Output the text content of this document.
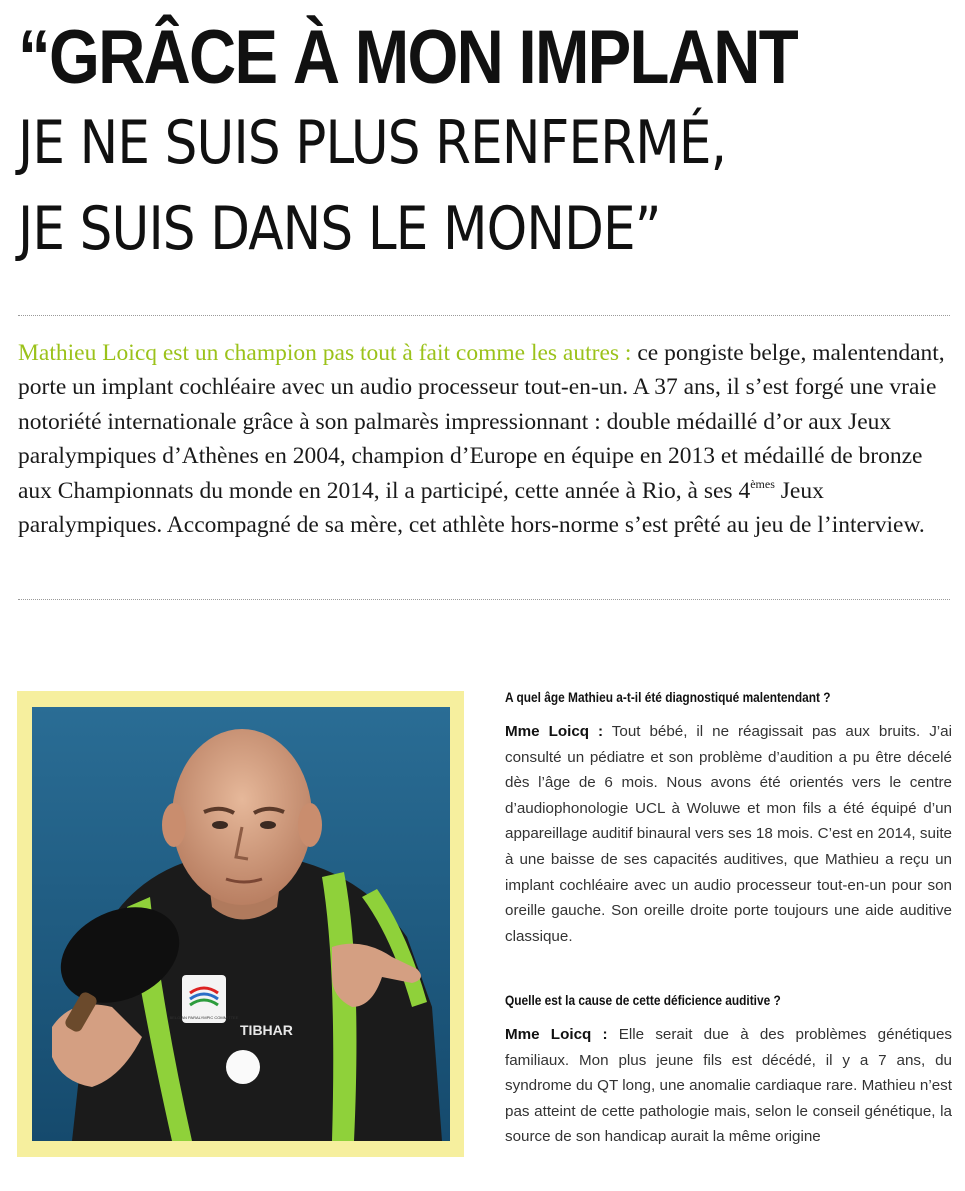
“GRÂCE À MON IMPLANT
JE NE SUIS PLUS RENFERMÉ,
JE SUIS DANS LE MONDE”

Mathieu Loicq est un champion pas tout à fait comme les autres : ce pongiste belge, malentendant, porte un implant cochléaire avec un audio processeur tout-en-un. A 37 ans, il s’est forgé une vraie notoriété internationale grâce à son palmarès impressionnant : double médaillé d’or aux Jeux paralympiques d’Athènes en 2004, champion d’Europe en équipe en 2013 et médaillé de bronze aux Championnats du monde en 2014, il a participé, cette année à Rio, à ses 4èmes Jeux paralympiques. Accompagné de sa mère, cet athlète hors-norme s’est prêté au jeu de l’interview.

BELGIAN PARALYMPIC COMMITTEE
TIBHAR

A quel âge Mathieu a-t-il été diagnostiqué malentendant ?

Mme Loicq : Tout bébé, il ne réagissait pas aux bruits. J’ai consulté un pédiatre et son problème d’audition a pu être décelé dès l’âge de 6 mois. Nous avons été orientés vers le centre d’audiophonologie UCL à Woluwe et mon fils a été équipé d’un appareillage auditif binaural vers ses 18 mois. C’est en 2014, suite à une baisse de ses capacités auditives, que Mathieu a reçu un implant cochléaire avec un audio processeur tout-en-un pour son oreille gauche. Son oreille droite porte toujours une aide auditive classique.

Quelle est la cause de cette déficience auditive ?

Mme Loicq : Elle serait due à des problèmes génétiques familiaux. Mon plus jeune fils est décédé, il y a 7 ans, du syndrome du QT long, une anomalie cardiaque rare. Mathieu n’est pas atteint de cette pathologie mais, selon le conseil génétique, la source de son handicap aurait la même origine
